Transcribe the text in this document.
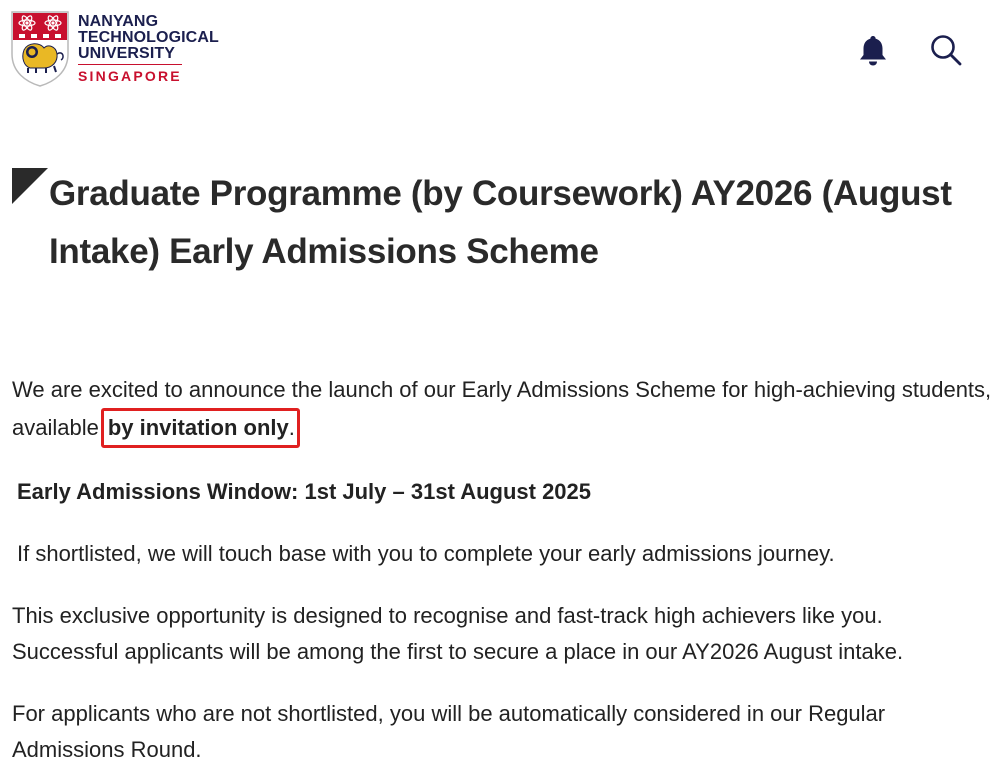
NANYANG
TECHNOLOGICAL
UNIVERSITY
SINGAPORE
Graduate Programme (by Coursework) AY2026 (August Intake) Early Admissions Scheme

We are excited to announce the launch of our Early Admissions Scheme for high-achieving students, available by invitation only.

Early Admissions Window: 1st July – 31st August 2025

If shortlisted, we will touch base with you to complete your early admissions journey.

This exclusive opportunity is designed to recognise and fast-track high achievers like you. Successful applicants will be among the first to secure a place in our AY2026 August intake.

For applicants who are not shortlisted, you will be automatically considered in our Regular Admissions Round.
